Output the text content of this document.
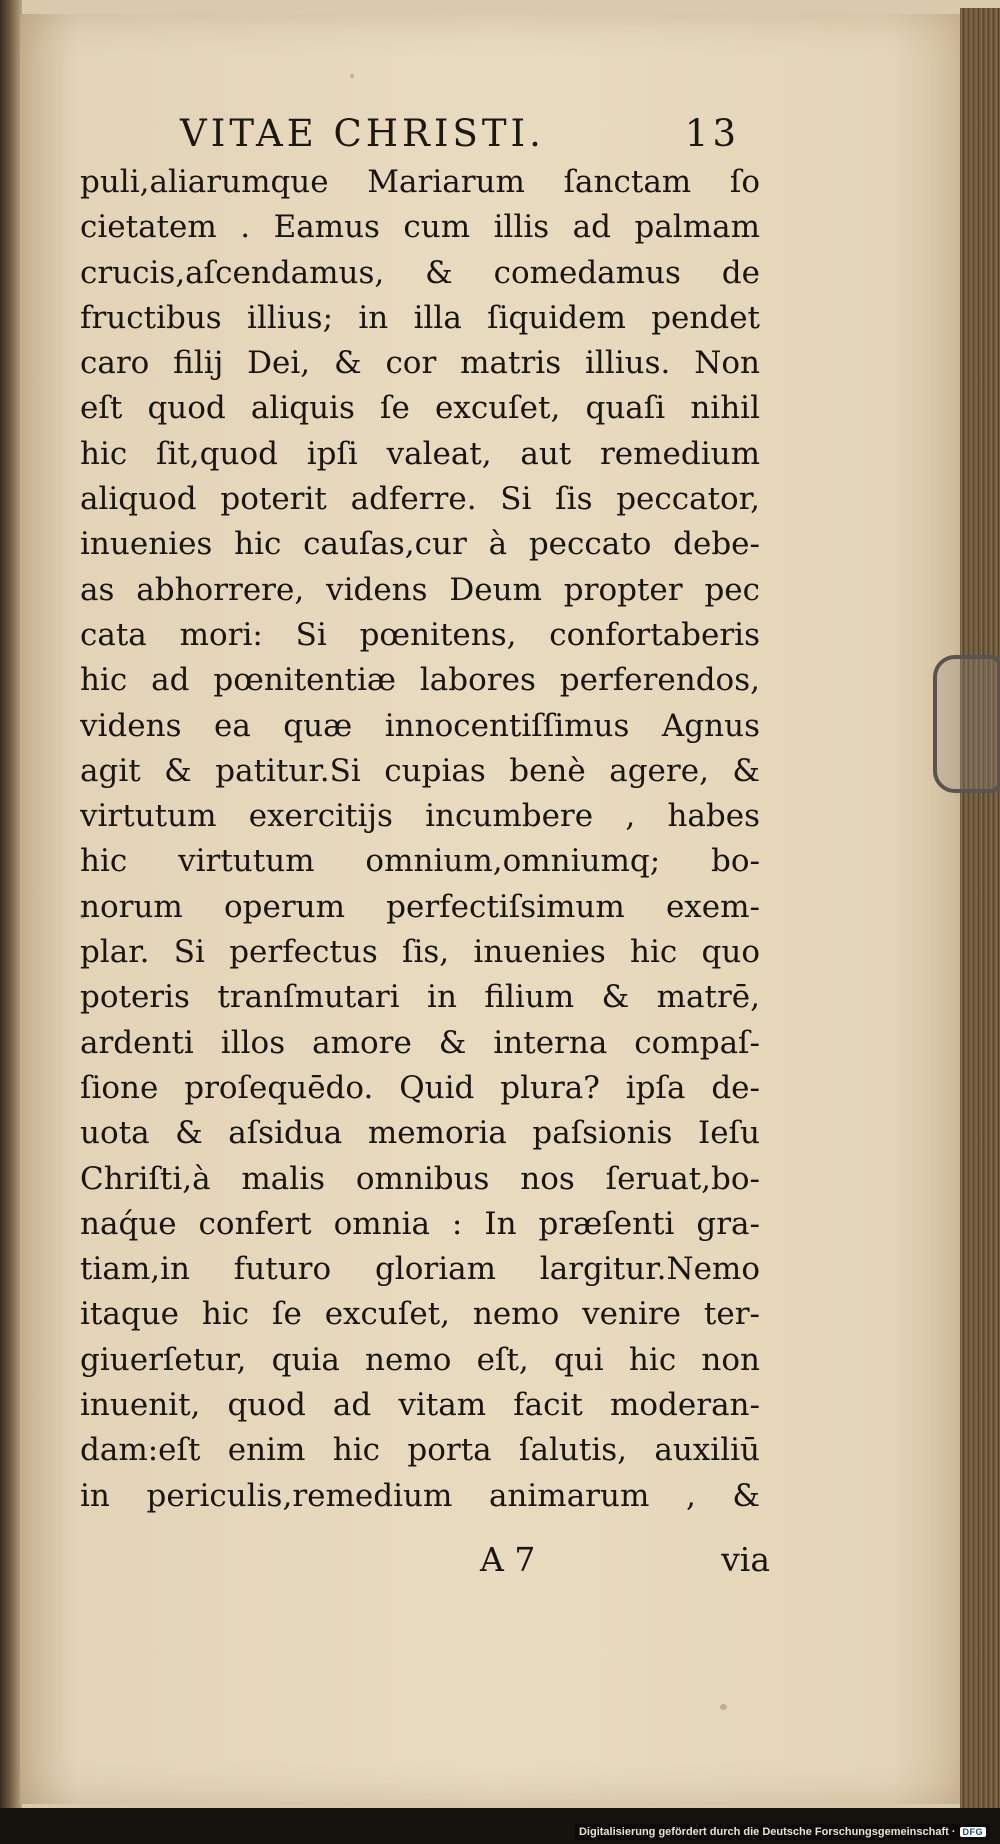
VITAE CHRISTI.	13
puli,aliarumque Mariarum ſanctam ſo
cietatem . Eamus cum illis ad palmam
crucis,aſcendamus, & comedamus de
fructibus illius; in illa ſiquidem pendet
caro filij Dei, & cor matris illius. Non
eſt quod aliquis ſe excuſet, quaſi nihil
hic ſit,quod ipſi valeat, aut remedium
aliquod poterit adferre. Si ſis peccator,
inuenies hic cauſas,cur à peccato debe-
as abhorrere, videns Deum propter pec
cata mori: Si pœnitens, confortaberis
hic ad pœnitentiæ labores perferendos,
videns ea quæ innocentiſſimus Agnus
agit & patitur.Si cupias benè agere, &
virtutum exercitijs incumbere , habes
hic virtutum omnium,omniumq; bo-
norum operum perfectiſsimum exem-
plar. Si perfectus ſis, inuenies hic quo
poteris tranſmutari in filium & matrē,
ardenti illos amore & interna compaſ-
ſione proſequēdo. Quid plura? ipſa de-
uota & aſsidua memoria paſsionis Ieſu
Chriſti,à malis omnibus nos ſeruat,bo-
naq́ue confert omnia : In præſenti gra-
tiam,in futuro gloriam largitur.Nemo
itaque hic ſe excuſet, nemo venire ter-
giuerſetur, quia nemo eſt, qui hic non
inuenit, quod ad vitam facit moderan-
dam:eſt enim hic porta ſalutis, auxiliū
in periculis,remedium animarum , &
A 7	via
Digitalisierung gefördert durch die Deutsche Forschungsgemeinschaft · DFG
